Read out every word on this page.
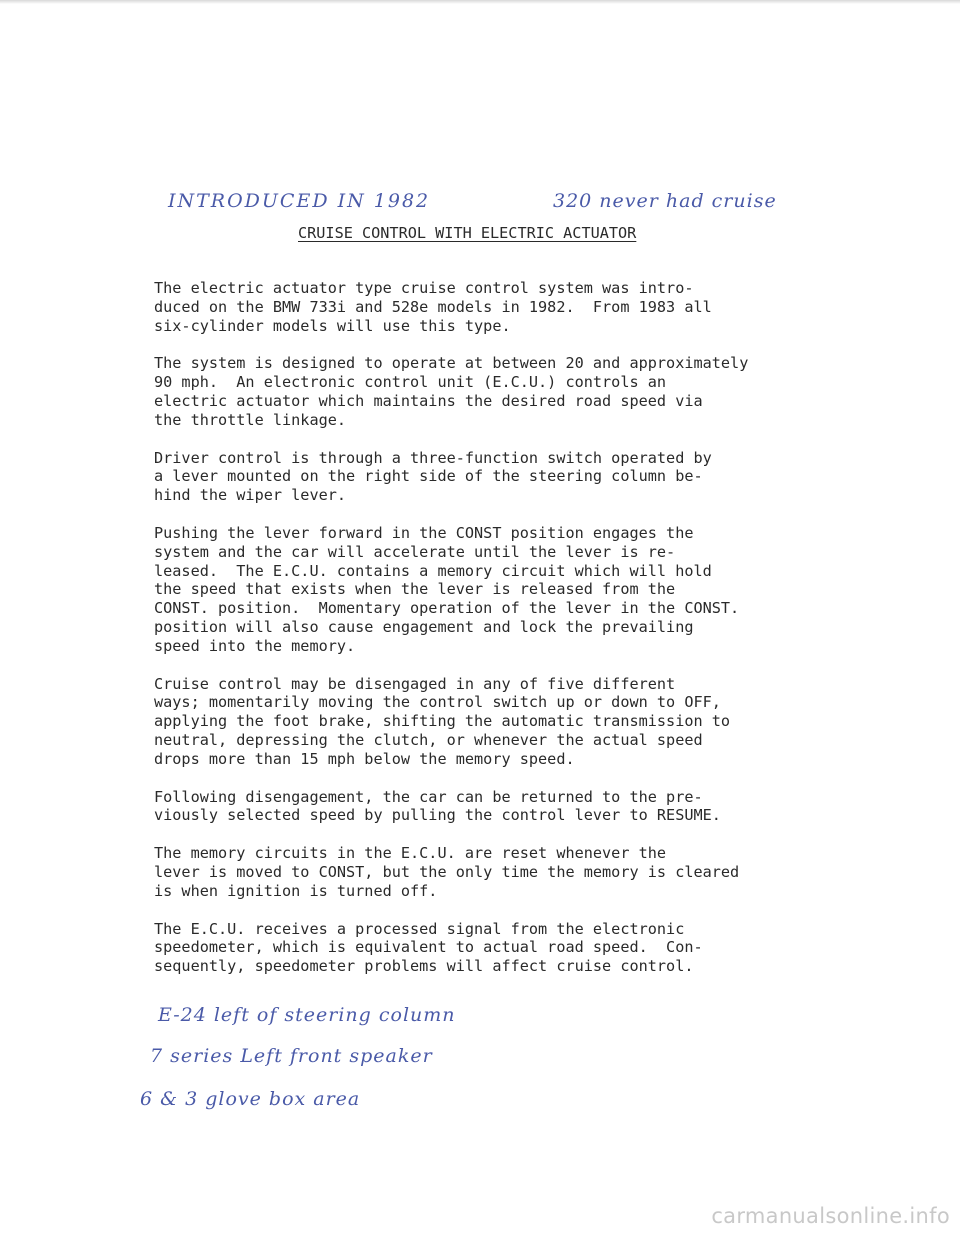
INTRODUCED IN 1982	320 never had cruise
CRUISE CONTROL WITH ELECTRIC ACTUATOR
The electric actuator type cruise control system was intro-
duced on the BMW 733i and 528e models in 1982.  From 1983 all
six-cylinder models will use this type.
The system is designed to operate at between 20 and approximately
90 mph.  An electronic control unit (E.C.U.) controls an
electric actuator which maintains the desired road speed via
the throttle linkage.
Driver control is through a three-function switch operated by
a lever mounted on the right side of the steering column be-
hind the wiper lever.
Pushing the lever forward in the CONST position engages the
system and the car will accelerate until the lever is re-
leased.  The E.C.U. contains a memory circuit which will hold
the speed that exists when the lever is released from the
CONST. position.  Momentary operation of the lever in the CONST.
position will also cause engagement and lock the prevailing
speed into the memory.
Cruise control may be disengaged in any of five different
ways; momentarily moving the control switch up or down to OFF,
applying the foot brake, shifting the automatic transmission to
neutral, depressing the clutch, or whenever the actual speed
drops more than 15 mph below the memory speed.
Following disengagement, the car can be returned to the pre-
viously selected speed by pulling the control lever to RESUME.
The memory circuits in the E.C.U. are reset whenever the
lever is moved to CONST, but the only time the memory is cleared
is when ignition is turned off.
The E.C.U. receives a processed signal from the electronic
speedometer, which is equivalent to actual road speed.  Con-
sequently, speedometer problems will affect cruise control.
E-24 left of steering column
7 series Left front speaker
6 & 3 glove box area
carmanualsonline.info
